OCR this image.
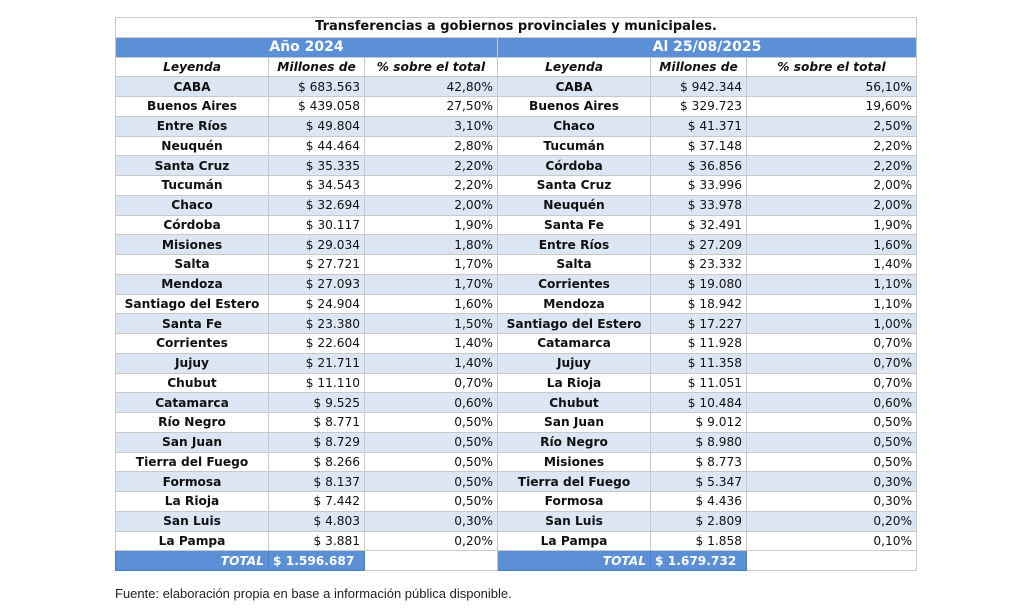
Transferencias a gobiernos provinciales y municipales.					
Año 2024			Al 25/08/2025		
Leyenda	Millones de	% sobre el total	Leyenda	Millones de	% sobre el total
CABA	$ 683.563	42,80%	CABA	$ 942.344	56,10%
Buenos Aires	$ 439.058	27,50%	Buenos Aires	$ 329.723	19,60%
Entre Ríos	$ 49.804	3,10%	Chaco	$ 41.371	2,50%
Neuquén	$ 44.464	2,80%	Tucumán	$ 37.148	2,20%
Santa Cruz	$ 35.335	2,20%	Córdoba	$ 36.856	2,20%
Tucumán	$ 34.543	2,20%	Santa Cruz	$ 33.996	2,00%
Chaco	$ 32.694	2,00%	Neuquén	$ 33.978	2,00%
Córdoba	$ 30.117	1,90%	Santa Fe	$ 32.491	1,90%
Misiones	$ 29.034	1,80%	Entre Ríos	$ 27.209	1,60%
Salta	$ 27.721	1,70%	Salta	$ 23.332	1,40%
Mendoza	$ 27.093	1,70%	Corrientes	$ 19.080	1,10%
Santiago del Estero	$ 24.904	1,60%	Mendoza	$ 18.942	1,10%
Santa Fe	$ 23.380	1,50%	Santiago del Estero	$ 17.227	1,00%
Corrientes	$ 22.604	1,40%	Catamarca	$ 11.928	0,70%
Jujuy	$ 21.711	1,40%	Jujuy	$ 11.358	0,70%
Chubut	$ 11.110	0,70%	La Rioja	$ 11.051	0,70%
Catamarca	$ 9.525	0,60%	Chubut	$ 10.484	0,60%
Río Negro	$ 8.771	0,50%	San Juan	$ 9.012	0,50%
San Juan	$ 8.729	0,50%	Río Negro	$ 8.980	0,50%
Tierra del Fuego	$ 8.266	0,50%	Misiones	$ 8.773	0,50%
Formosa	$ 8.137	0,50%	Tierra del Fuego	$ 5.347	0,30%
La Rioja	$ 7.442	0,50%	Formosa	$ 4.436	0,30%
San Luis	$ 4.803	0,30%	San Luis	$ 2.809	0,20%
La Pampa	$ 3.881	0,20%	La Pampa	$ 1.858	0,10%
TOTAL	$ 1.596.687		TOTAL	$ 1.679.732	
Fuente: elaboración propia en base a información pública disponible.
